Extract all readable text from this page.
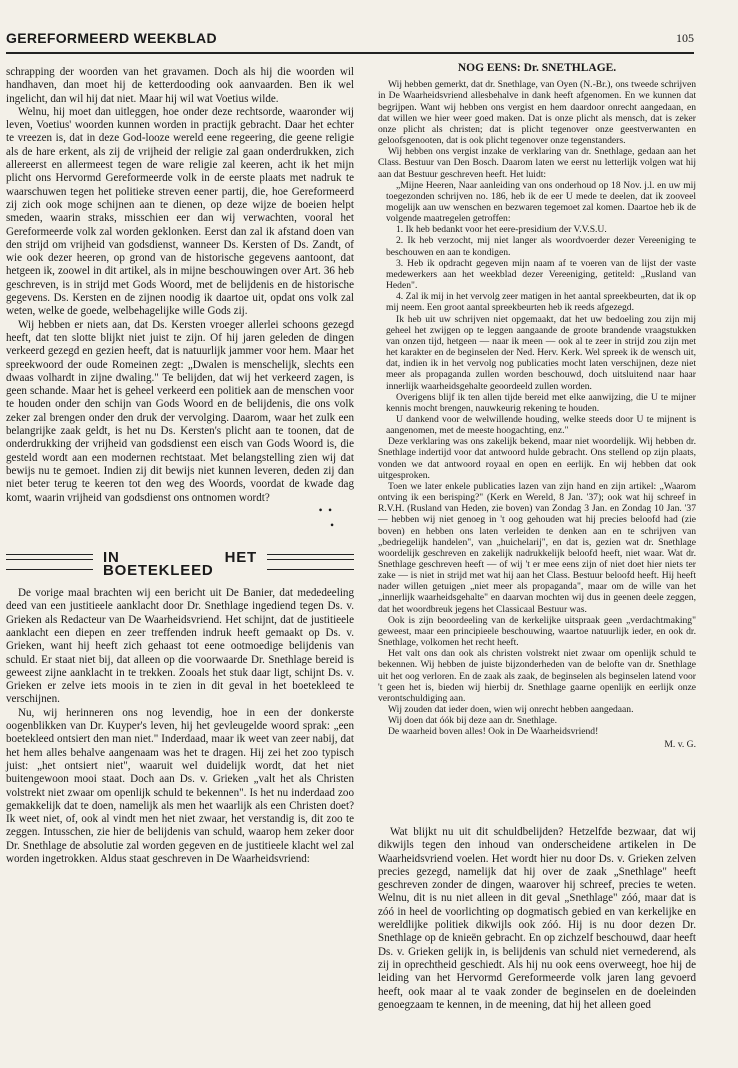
GEREFORMEERD WEEKBLAD	105

schrapping der woorden van het gravamen. Doch als hij die woorden wil handhaven, dan moet hij de ketterdooding ook aanvaarden. Ben ik wel ingelicht, dan wil hij dat niet. Maar hij wil wat Voetius wilde.

Welnu, hij moet dan uitleggen, hoe onder deze rechtsorde, waaronder wij leven, Voetius' woorden kunnen worden in practijk gebracht. Daar het echter te vreezen is, dat in deze God-looze wereld eene regeering, die geene religie als de hare erkent, als zij de vrijheid der religie zal gaan onderdrukken, zich allereerst en allermeest tegen de ware religie zal keeren, acht ik het mijn plicht ons Hervormd Gereformeerde volk in de eerste plaats met nadruk te waarschuwen tegen het politieke streven eener partij, die, hoe Gereformeerd zij zich ook moge schijnen aan te dienen, op deze wijze de boeien helpt smeden, waarin straks, misschien eer dan wij verwachten, vooral het Gereformeerde volk zal worden geklonken. Eerst dan zal ik afstand doen van den strijd om vrijheid van godsdienst, wanneer Ds. Kersten of Ds. Zandt, of wie ook dezer heeren, op grond van de historische gegevens aantoont, dat hetgeen ik, zoowel in dit artikel, als in mijne beschouwingen over Art. 36 heb geschreven, is in strijd met Gods Woord, met de belijdenis en de historische gegevens. Ds. Kersten en de zijnen noodig ik daartoe uit, opdat ons volk zal weten, welke de goede, welbehagelijke wille Gods zij.

Wij hebben er niets aan, dat Ds. Kersten vroeger allerlei schoons gezegd heeft, dat ten slotte blijkt niet juist te zijn. Of hij jaren geleden de dingen verkeerd gezegd en gezien heeft, dat is natuurlijk jammer voor hem. Maar het spreekwoord der oude Romeinen zegt: „Dwalen is menschelijk, slechts een dwaas volhardt in zijne dwaling." Te belijden, dat wij het verkeerd zagen, is geen schande. Maar het is geheel verkeerd een politiek aan de menschen voor te houden onder den schijn van Gods Woord en de belijdenis, die ons volk zeker zal brengen onder den druk der vervolging. Daarom, waar het zulk een belangrijke zaak geldt, is het nu Ds. Kersten's plicht aan te toonen, dat de onderdrukking der vrijheid van godsdienst een eisch van Gods Woord is, die gesteld wordt aan een modernen rechtstaat. Met belangstelling zien wij dat bewijs nu te gemoet. Indien zij dit bewijs niet kunnen leveren, deden zij dan niet beter terug te keeren tot den weg des Woords, voordat de kwade dag komt, waarin vrijheid van godsdienst ons ontnomen wordt?

•  •
•
IN HET BOETEKLEED

De vorige maal brachten wij een bericht uit De Banier, dat mededeeling deed van een justitieele aanklacht door Dr. Snethlage ingediend tegen Ds. v. Grieken als Redacteur van De Waarheidsvriend. Het schijnt, dat de justitieele aanklacht een diepen en zeer treffenden indruk heeft gemaakt op Ds. v. Grieken, want hij heeft zich gehaast tot eene ootmoedige belijdenis van schuld. Er staat niet bij, dat alleen op die voorwaarde Dr. Snethlage bereid is geweest zijne aanklacht in te trekken. Zooals het stuk daar ligt, schijnt Ds. v. Grieken er zelve iets moois in te zien in dit geval in het boetekleed te verschijnen.

Nu, wij herinneren ons nog levendig, hoe in een der donkerste oogenblikken van Dr. Kuyper's leven, hij het gevleugelde woord sprak: „een boetekleed ontsiert den man niet." Inderdaad, maar ik weet van zeer nabij, dat het hem alles behalve aangenaam was het te dragen. Hij zei het zoo typisch juist: „het ontsiert niet", waaruit wel duidelijk wordt, dat het niet buitengewoon mooi staat. Doch aan Ds. v. Grieken „valt het als Christen volstrekt niet zwaar om openlijk schuld te bekennen". Is het nu inderdaad zoo gemakkelijk dat te doen, namelijk als men het waarlijk als een Christen doet? Ik weet niet, of, ook al vindt men het niet zwaar, het verstandig is, dit zoo te zeggen. Intusschen, zie hier de belijdenis van schuld, waarop hem zeker door Dr. Snethlage de absolutie zal worden gegeven en de justitieele klacht wel zal worden ingetrokken. Aldus staat geschreven in De Waarheidsvriend:

NOG EENS: Dr. SNETHLAGE.

Wij hebben gemerkt, dat dr. Snethlage, van Oyen (N.-Br.), ons tweede schrijven in De Waarheidsvriend allesbehalve in dank heeft afgenomen. En we kunnen dat begrijpen. Want wij hebben ons vergist en hem daardoor onrecht aangedaan, en dat willen we hier weer goed maken. Dat is onze plicht als mensch, dat is zeker onze plicht als christen; dat is plicht tegenover onze geestverwanten en geloofsgenooten, dat is ook plicht tegenover onze tegenstanders.

Wij hebben ons vergist inzake de verklaring van dr. Snethlage, gedaan aan het Class. Bestuur van Den Bosch. Daarom laten we eerst nu letterlijk volgen wat hij aan dat Bestuur geschreven heeft. Het luidt:

„Mijne Heeren, Naar aanleiding van ons onderhoud op 18 Nov. j.l. en uw mij toegezonden schrijven no. 186, heb ik de eer U mede te deelen, dat ik zooveel mogelijk aan uw wenschen en bezwaren tegemoet zal komen. Daartoe heb ik de volgende maatregelen getroffen:

1. Ik heb bedankt voor het eere-presidium der V.V.S.U.

2. Ik heb verzocht, mij niet langer als woordvoerder dezer Vereeniging te beschouwen en aan te kondigen.

3. Heb ik opdracht gegeven mijn naam af te voeren van de lijst der vaste medewerkers aan het weekblad dezer Vereeniging, getiteld: „Rusland van Heden".

4. Zal ik mij in het vervolg zeer matigen in het aantal spreekbeurten, dat ik op mij neem. Een groot aantal spreekbeurten heb ik reeds afgezegd.

Ik heb uit uw schrijven niet opgemaakt, dat het uw bedoeling zou zijn mij geheel het zwijgen op te leggen aangaande de groote brandende vraagstukken van onzen tijd, hetgeen — naar ik meen — ook al te zeer in strijd zou zijn met het karakter en de beginselen der Ned. Herv. Kerk. Wel spreek ik de wensch uit, dat, indien ik in het vervolg nog publicaties mocht laten verschijnen, deze niet meer als propaganda zullen worden beschouwd, doch uitsluitend naar haar innerlijk waarheidsgehalte geoordeeld zullen worden.

Overigens blijf ik ten allen tijde bereid met elke aanwijzing, die U te mijner kennis mocht brengen, nauwkeurig rekening te houden.

U dankend voor de welwillende houding, welke steeds door U te mijnent is aangenomen, met de meeste hoogachting, enz."

Deze verklaring was ons zakelijk bekend, maar niet woordelijk. Wij hebben dr. Snethlage indertijd voor dat antwoord hulde gebracht. Ons stellend op zijn plaats, vonden we dat antwoord royaal en open en eerlijk. En wij hebben dat ook uitgesproken.

Toen we later enkele publicaties lazen van zijn hand en zijn artikel: „Waarom ontving ik een berisping?" (Kerk en Wereld, 8 Jan. '37); ook wat hij schreef in R.V.H. (Rusland van Heden, zie boven) van Zondag 3 Jan. en Zondag 10 Jan. '37 — hebben wij niet genoeg in 't oog gehouden wat hij precies beloofd had (zie boven) en hebben ons laten verleiden te denken aan en te schrijven van „bedriegelijk handelen", van „huichelarij", en dat is, gezien wat dr. Snethlage woordelijk geschreven en zakelijk nadrukkelijk beloofd heeft, niet waar. Wat dr. Snethlage geschreven heeft — of wij 't er mee eens zijn of niet doet hier niets ter zake — is niet in strijd met wat hij aan het Class. Bestuur beloofd heeft. Hij heeft nader willen getuigen „niet meer als propaganda", maar om de wille van het „innerlijk waarheidsgehalte" en daarvan mochten wij dus in geenen deele zeggen, dat het woordbreuk jegens het Classicaal Bestuur was.

Ook is zijn beoordeeling van de kerkelijke uitspraak geen „verdachtmaking" geweest, maar een principieele beschouwing, waartoe natuurlijk ieder, en ook dr. Snethlage, volkomen het recht heeft.

Het valt ons dan ook als christen volstrekt niet zwaar om openlijk schuld te bekennen. Wij hebben de juiste bijzonderheden van de belofte van dr. Snethlage uit het oog verloren. En de zaak als zaak, de beginselen als beginselen latend voor 't geen het is, bieden wij hierbij dr. Snethlage gaarne openlijk en eerlijk onze verontschuldiging aan.

Wij zouden dat ieder doen, wien wij onrecht hebben aangedaan.

Wij doen dat óók bij deze aan dr. Snethlage.

De waarheid boven alles! Ook in De Waarheidsvriend!

M. v. G.

Wat blijkt nu uit dit schuldbelijden? Hetzelfde bezwaar, dat wij dikwijls tegen den inhoud van onderscheidene artikelen in De Waarheidsvriend voelen. Het wordt hier nu door Ds. v. Grieken zelven precies gezegd, namelijk dat hij over de zaak „Snethlage" heeft geschreven zonder de dingen, waarover hij schreef, precies te weten. Welnu, dit is nu niet alleen in dit geval „Snethlage" zóó, maar dat is zóó in heel de voorlichting op dogmatisch gebied en van kerkelijke en wereldlijke politiek dikwijls ook zóó. Hij is nu door dezen Dr. Snethlage op de knieën gebracht. En op zichzelf beschouwd, daar heeft Ds. v. Grieken gelijk in, is belijdenis van schuld niet vernederend, als zij in oprechtheid geschiedt. Als hij nu ook eens overweegt, hoe hij de leiding van het Hervormd Gereformeerde volk jaren lang gevoerd heeft, ook maar al te vaak zonder de beginselen en de doeleinden genoegzaam te kennen, in de meening, dat hij het alleen goed
